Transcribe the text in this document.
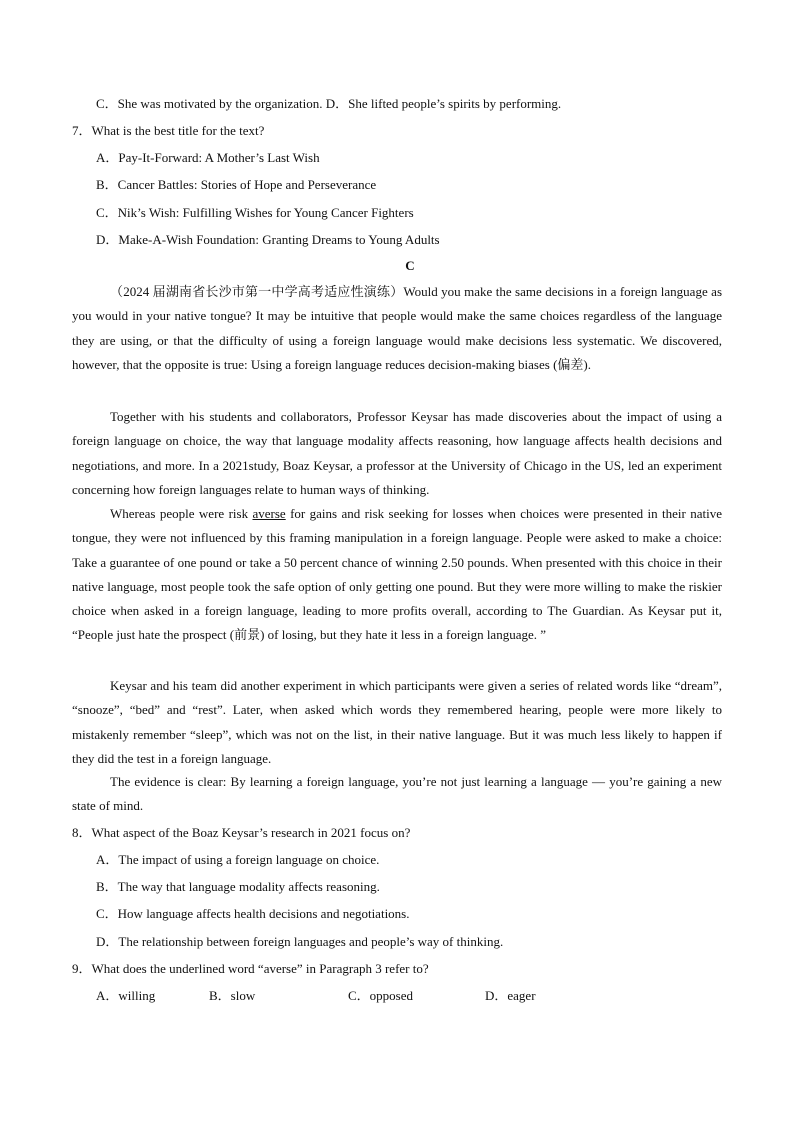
C．She was motivated by the organization. D．She lifted people’s spirits by performing.
7．What is the best title for the text?
A．Pay-It-Forward: A Mother’s Last Wish
B．Cancer Battles: Stories of Hope and Perseverance
C．Nik’s Wish: Fulfilling Wishes for Young Cancer Fighters
D．Make-A-Wish Foundation: Granting Dreams to Young Adults
C
（2024 届湖南省长沙市第一中学高考适应性演练）Would you make the same decisions in a foreign language as you would in your native tongue? It may be intuitive that people would make the same choices regardless of the language they are using, or that the difficulty of using a foreign language would make decisions less systematic. We discovered, however, that the opposite is true: Using a foreign language reduces decision-making biases (偏差).
Together with his students and collaborators, Professor Keysar has made discoveries about the impact of using a foreign language on choice, the way that language modality affects reasoning, how language affects health decisions and negotiations, and more. In a 2021study, Boaz Keysar, a professor at the University of Chicago in the US, led an experiment concerning how foreign languages relate to human ways of thinking.
Whereas people were risk averse for gains and risk seeking for losses when choices were presented in their native tongue, they were not influenced by this framing manipulation in a foreign language. People were asked to make a choice: Take a guarantee of one pound or take a 50 percent chance of winning 2.50 pounds. When presented with this choice in their native language, most people took the safe option of only getting one pound. But they were more willing to make the riskier choice when asked in a foreign language, leading to more profits overall, according to The Guardian. As Keysar put it, “People just hate the prospect (前景) of losing, but they hate it less in a foreign language. ”
Keysar and his team did another experiment in which participants were given a series of related words like “dream”, “snooze”, “bed” and “rest”. Later, when asked which words they remembered hearing, people were more likely to mistakenly remember “sleep”, which was not on the list, in their native language. But it was much less likely to happen if they did the test in a foreign language.
The evidence is clear: By learning a foreign language, you’re not just learning a language — you’re gaining a new state of mind.
8．What aspect of the Boaz Keysar’s research in 2021 focus on?
A．The impact of using a foreign language on choice.
B．The way that language modality affects reasoning.
C．How language affects health decisions and negotiations.
D．The relationship between foreign languages and people’s way of thinking.
9．What does the underlined word “averse” in Paragraph 3 refer to?
A．willing	B．slow	C．opposed	D．eager
